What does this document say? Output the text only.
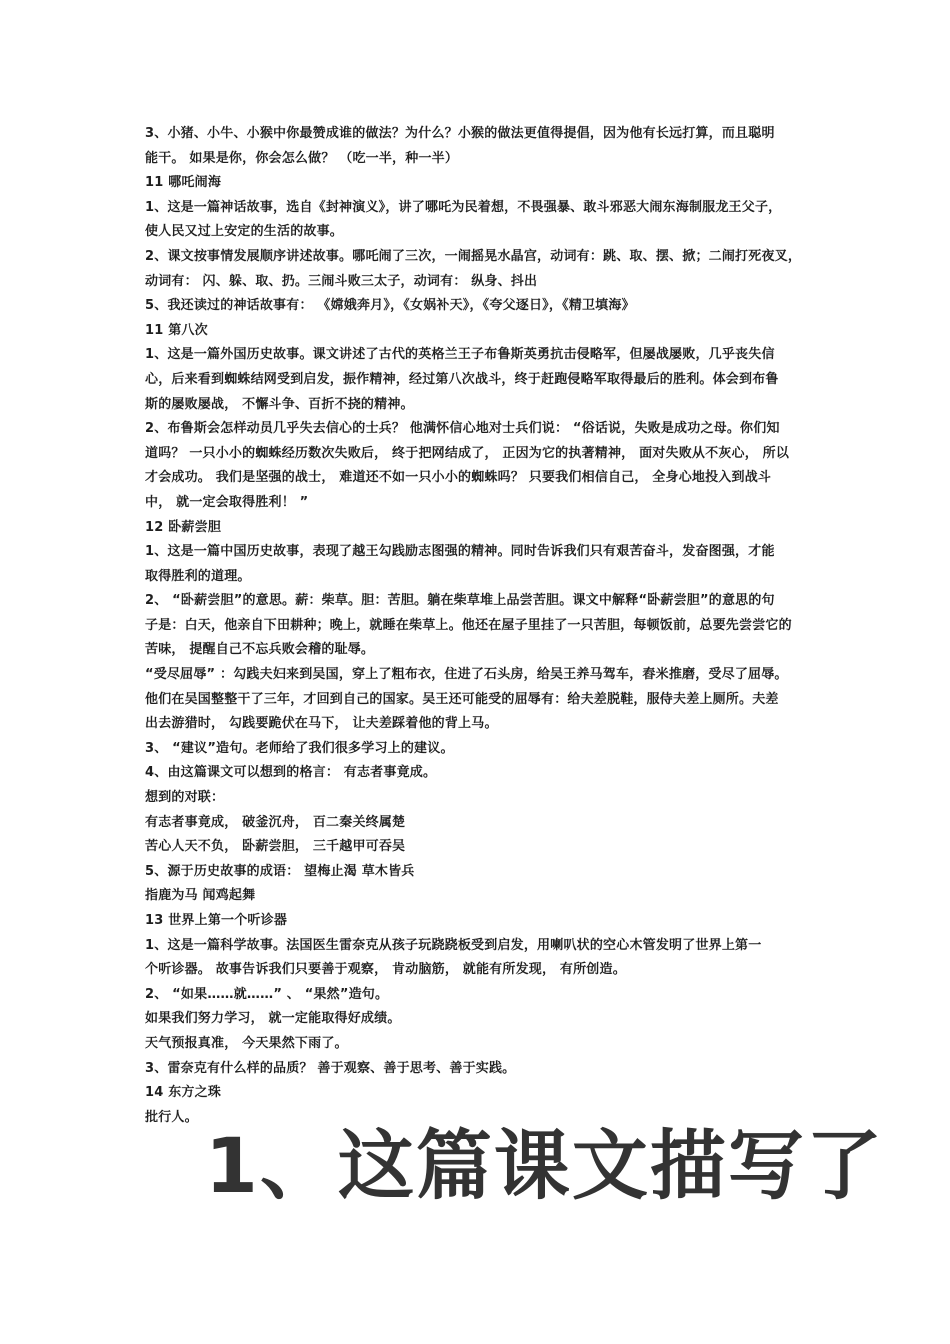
3、小猪、小牛、小猴中你最赞成谁的做法？为什么？小猴的做法更值得提倡，因为他有长远打算，而且聪明
能干。 如果是你，你会怎么做？ （吃一半，种一半）
11 哪吒闹海
1、这是一篇神话故事，选自《封神演义》，讲了哪吒为民着想，不畏强暴、敢斗邪恶大闹东海制服龙王父子，
使人民又过上安定的生活的故事。
2、课文按事情发展顺序讲述故事。哪吒闹了三次，一闹摇晃水晶宫，动词有：跳、取、摆、掀；二闹打死夜叉，
动词有： 闪、躲、取、扔。三闹斗败三太子，动词有： 纵身、抖出
5、我还读过的神话故事有： 《嫦娥奔月》，《女娲补天》，《夸父逐日》，《精卫填海》
11 第八次
1、这是一篇外国历史故事。课文讲述了古代的英格兰王子布鲁斯英勇抗击侵略军，但屡战屡败，几乎丧失信
心，后来看到蜘蛛结网受到启发，振作精神，经过第八次战斗，终于赶跑侵略军取得最后的胜利。体会到布鲁
斯的屡败屡战， 不懈斗争、百折不挠的精神。
2、布鲁斯会怎样动员几乎失去信心的士兵？ 他满怀信心地对士兵们说： “俗话说，失败是成功之母。你们知
道吗？ 一只小小的蜘蛛经历数次失败后， 终于把网结成了， 正因为它的执著精神， 面对失败从不灰心， 所以
才会成功。 我们是坚强的战士， 难道还不如一只小小的蜘蛛吗？ 只要我们相信自己， 全身心地投入到战斗
中， 就一定会取得胜利！ ”
12 卧薪尝胆
1、这是一篇中国历史故事，表现了越王勾践励志图强的精神。同时告诉我们只有艰苦奋斗，发奋图强，才能
取得胜利的道理。
2、 “卧薪尝胆”的意思。薪：柴草。胆：苦胆。躺在柴草堆上品尝苦胆。课文中解释“卧薪尝胆”的意思的句
子是：白天，他亲自下田耕种；晚上，就睡在柴草上。他还在屋子里挂了一只苦胆，每顿饭前，总要先尝尝它的
苦味， 提醒自己不忘兵败会稽的耻辱。
“受尽屈辱” ：勾践夫妇来到吴国，穿上了粗布衣，住进了石头房，给吴王养马驾车，舂米推磨，受尽了屈辱。
他们在吴国整整干了三年，才回到自己的国家。吴王还可能受的屈辱有：给夫差脱鞋，服侍夫差上厕所。夫差
出去游猎时， 勾践要跪伏在马下， 让夫差踩着他的背上马。
3、 “建议”造句。老师给了我们很多学习上的建议。
4、由这篇课文可以想到的格言： 有志者事竟成。
想到的对联：
有志者事竟成， 破釜沉舟， 百二秦关终属楚
苦心人天不负， 卧薪尝胆， 三千越甲可吞吴
5、源于历史故事的成语： 望梅止渴 草木皆兵
指鹿为马 闻鸡起舞
13 世界上第一个听诊器
1、这是一篇科学故事。法国医生雷奈克从孩子玩跷跷板受到启发，用喇叭状的空心木管发明了世界上第一
个听诊器。 故事告诉我们只要善于观察， 肯动脑筋， 就能有所发现， 有所创造。
2、 “如果……就……” 、 “果然”造句。
如果我们努力学习， 就一定能取得好成绩。
天气预报真准， 今天果然下雨了。
3、雷奈克有什么样的品质？ 善于观察、善于思考、善于实践。
14 东方之珠
批行人。
1、这篇课文描写了
